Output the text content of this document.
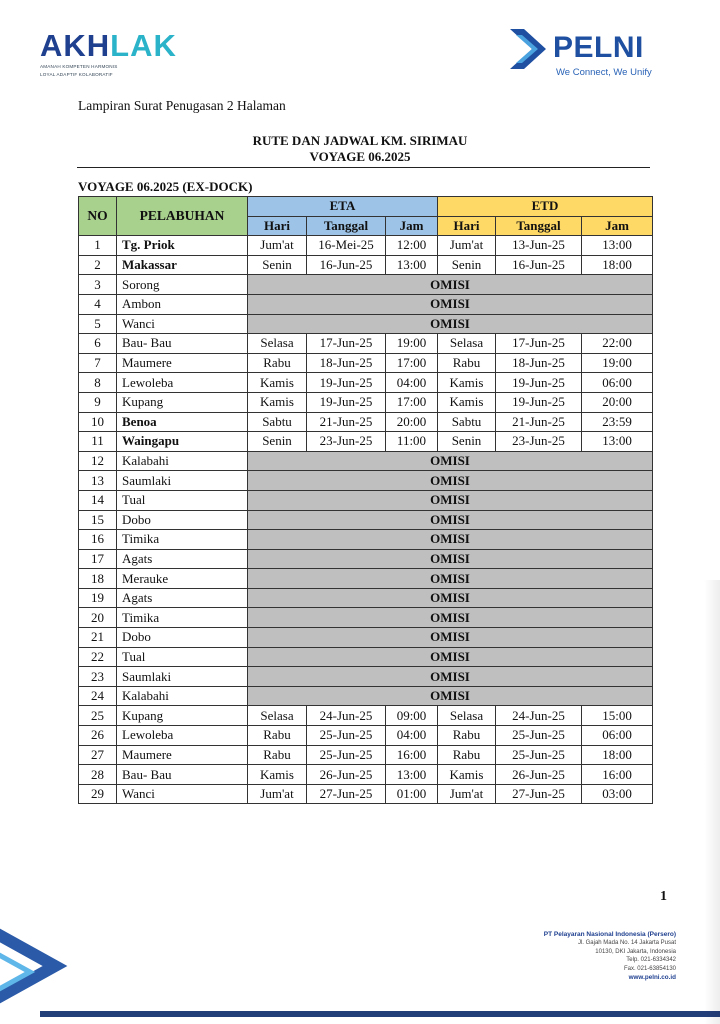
AKHLAK
AMANAH KOMPETEN HARMONIS
LOYAL ADAPTIF KOLABORATIF
PELNI
We Connect, We Unify
Lampiran Surat Penugasan 2 Halaman
RUTE DAN JADWAL KM. SIRIMAU
VOYAGE 06.2025
VOYAGE 06.2025 (EX-DOCK)
NO	PELABUHAN	ETA			ETD		
		Hari	Tanggal	Jam	Hari	Tanggal	Jam
1	Tg. Priok	Jum'at	16-Mei-25	12:00	Jum'at	13-Jun-25	13:00
2	Makassar	Senin	16-Jun-25	13:00	Senin	16-Jun-25	18:00
3	Sorong	OMISI					
4	Ambon	OMISI					
5	Wanci	OMISI					
6	Bau- Bau	Selasa	17-Jun-25	19:00	Selasa	17-Jun-25	22:00
7	Maumere	Rabu	18-Jun-25	17:00	Rabu	18-Jun-25	19:00
8	Lewoleba	Kamis	19-Jun-25	04:00	Kamis	19-Jun-25	06:00
9	Kupang	Kamis	19-Jun-25	17:00	Kamis	19-Jun-25	20:00
10	Benoa	Sabtu	21-Jun-25	20:00	Sabtu	21-Jun-25	23:59
11	Waingapu	Senin	23-Jun-25	11:00	Senin	23-Jun-25	13:00
12	Kalabahi	OMISI					
13	Saumlaki	OMISI					
14	Tual	OMISI					
15	Dobo	OMISI					
16	Timika	OMISI					
17	Agats	OMISI					
18	Merauke	OMISI					
19	Agats	OMISI					
20	Timika	OMISI					
21	Dobo	OMISI					
22	Tual	OMISI					
23	Saumlaki	OMISI					
24	Kalabahi	OMISI					
25	Kupang	Selasa	24-Jun-25	09:00	Selasa	24-Jun-25	15:00
26	Lewoleba	Rabu	25-Jun-25	04:00	Rabu	25-Jun-25	06:00
27	Maumere	Rabu	25-Jun-25	16:00	Rabu	25-Jun-25	18:00
28	Bau- Bau	Kamis	26-Jun-25	13:00	Kamis	26-Jun-25	16:00
29	Wanci	Jum'at	27-Jun-25	01:00	Jum'at	27-Jun-25	03:00
1
PT Pelayaran Nasional Indonesia (Persero)
Jl. Gajah Mada No. 14 Jakarta Pusat
10130, DKI Jakarta, Indonesia
Telp. 021-6334342
Fax. 021-63854130
www.pelni.co.id
